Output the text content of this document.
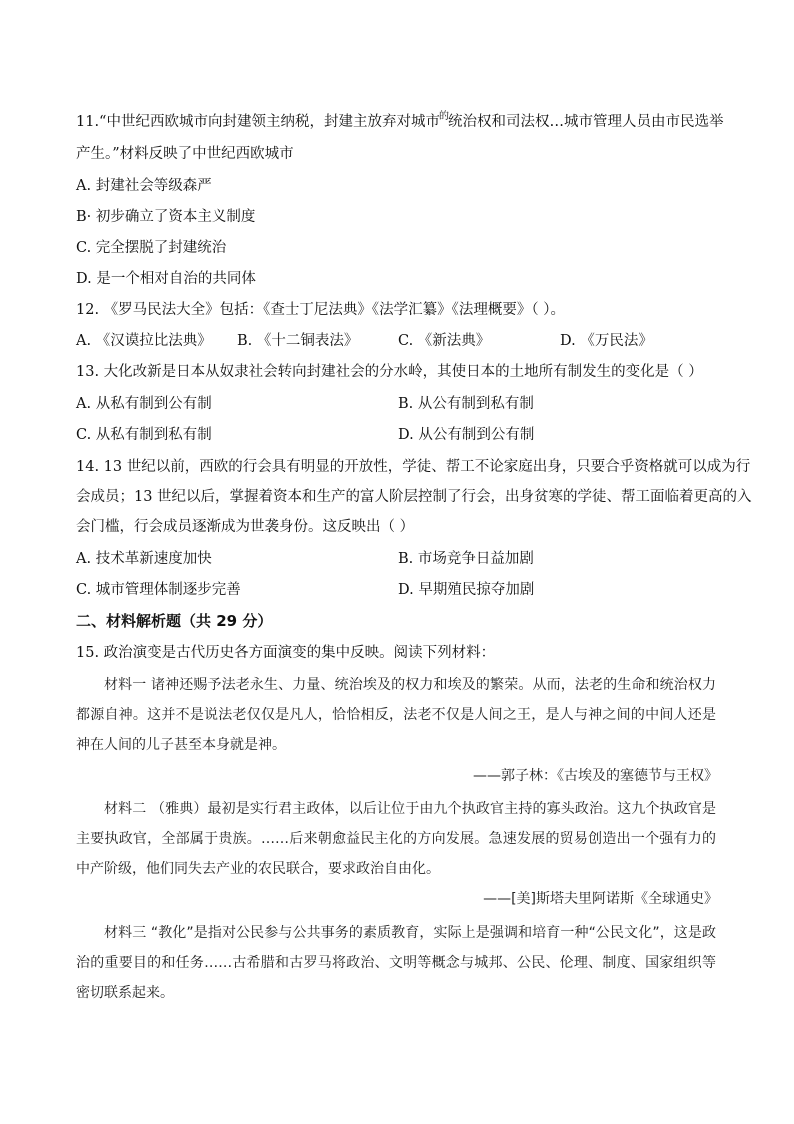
11.“中世纪西欧城市向封建领主纳税，封建主放弃对城市$^的$统治权和司法权…城市管理人员由市民选举
产生。”材料反映了中世纪西欧城市
A. 封建社会等级森严
B· 初步确立了资本主义制度
C. 完全摆脱了封建统治
D. 是一个相对自治的共同体
12. 《罗马民法大全》包括：《查士丁尼法典》《法学汇纂》《法理概要》（ ）。
A. 《汉谟拉比法典》 B. 《十二铜表法》	C. 《新法典》	D. 《万民法》
13. 大化改新是日本从奴隶社会转向封建社会的分水岭，其使日本的土地所有制发生的变化是（ ）
A. 从私有制到公有制	B. 从公有制到私有制
C. 从私有制到私有制	D. 从公有制到公有制
14. 13 世纪以前，西欧的行会具有明显的开放性，学徒、帮工不论家庭出身，只要合乎资格就可以成为行
会成员；13 世纪以后，掌握着资本和生产的富人阶层控制了行会，出身贫寒的学徒、帮工面临着更高的入
会门槛，行会成员逐渐成为世袭身份。这反映出（ ）
A. 技术革新速度加快	B. 市场竞争日益加剧
C. 城市管理体制逐步完善	D. 早期殖民掠夺加剧
二、材料解析题（共 29 分）
15. 政治演变是古代历史各方面演变的集中反映。阅读下列材料：

材料一 诸神还赐予法老永生、力量、统治埃及的权力和埃及的繁荣。从而，法老的生命和统治权力都源自神。这并不是说法老仅仅是凡人，恰恰相反，法老不仅是人间之王，是人与神之间的中间人还是神在人间的儿子甚至本身就是神。

——郭子林：《古埃及的塞德节与王权》

材料二 （雅典）最初是实行君主政体，以后让位于由九个执政官主持的寡头政治。这九个执政官是主要执政官，全部属于贵族。……后来朝愈益民主化的方向发展。急速发展的贸易创造出一个强有力的中产阶级，他们同失去产业的农民联合，要求政治自由化。

——[美]斯塔夫里阿诺斯《全球通史》

材料三 “教化”是指对公民参与公共事务的素质教育，实际上是强调和培育一种“公民文化”，这是政治的重要目的和任务……古希腊和古罗马将政治、文明等概念与城邦、公民、伦理、制度、国家组织等密切联系起来。
